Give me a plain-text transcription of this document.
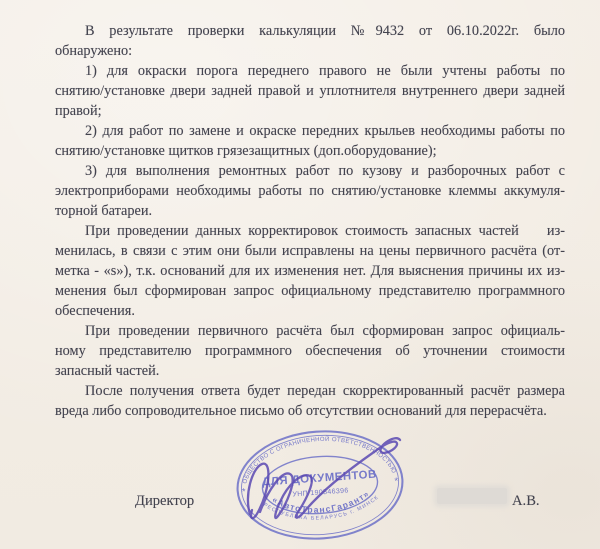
В результате проверки калькуляции №9432 от 06.10.2022г. было
обнаружено:
1) для окраски порога переднего правого не были учтены работы по
снятию/установке двери задней правой и уплотнителя внутреннего двери задней
правой;
2) для работ по замене и окраске передних крыльев необходимы работы по
снятию/установке щитков грязезащитных (доп.оборудование);
3) для выполнения ремонтных работ по кузову и разборочных работ с
электроприборами необходимы работы по снятию/установке клеммы аккумуля-
торной батареи.
При проведении данных корректировок стоимость запасных частей    из-
менилась, в связи с этим они были исправлены на цены первичного расчёта (от-
метка - «s»), т.к. оснований для их изменения нет. Для выяснения причины их из-
менения был сформирован запрос официальному представителю программного
обеспечения.
При проведении первичного расчёта был сформирован запрос официаль-
ному представителю программного обеспечения об уточнении стоимости
запасный частей.
После получения ответа будет передан скорректированный расчёт размера
вреда либо сопроводительное письмо об отсутствии оснований для перерасчёта.
Директор	А.В.
ОБЩЕСТВО С ОГРАНИЧЕННОЙ ОТВЕТСТВЕННОСТЬЮ
РЕСПУБЛИКА БЕЛАРУСЬ г. МИНСК
«АвтоТрансГарант»
ДЛЯ ДОКУМЕНТОВ
УНП 190546396
*
*
